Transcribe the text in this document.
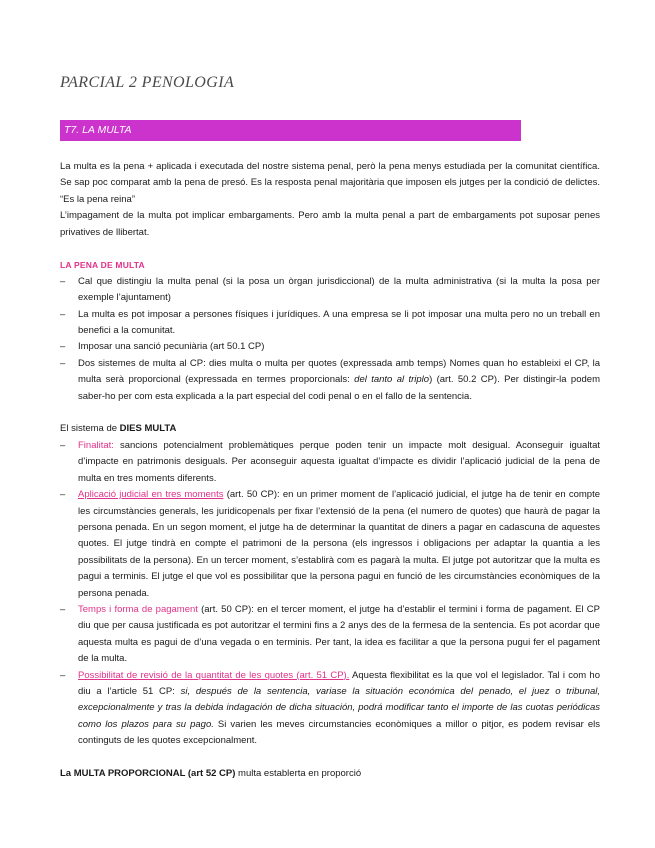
PARCIAL 2 PENOLOGIA
T7. LA MULTA

La multa es la pena + aplicada i executada del nostre sistema penal, però la pena menys estudiada per la comunitat científica. Se sap poc comparat amb la pena de presó. Es la resposta penal majoritària que imposen els jutges per la condició de delictes. “Es la pena reina”

L’impagament de la multa pot implicar embargaments. Pero amb la multa penal a part de embargaments pot suposar penes privatives de llibertat.

LA PENA DE MULTA

– Cal que distingiu la multa penal (si la posa un òrgan jurisdiccional) de la multa administrativa (si la multa la posa per exemple l’ajuntament)
– La multa es pot imposar a persones físiques i jurídiques. A una empresa se li pot imposar una multa pero no un treball en benefici a la comunitat.
– Imposar una sanció pecuniària (art 50.1 CP)
– Dos sistemes de multa al CP: dies multa o multa per quotes (expressada amb temps) Nomes quan ho estableixi el CP, la multa serà proporcional (expressada en termes proporcionals: del tanto al triplo) (art. 50.2 CP). Per distingir-la podem saber-ho per com esta explicada a la part especial del codi penal o en el fallo de la sentencia.

El sistema de DIES MULTA

– Finalitat: sancions potencialment problemàtiques perque poden tenir un impacte molt desigual. Aconseguir igualtat d’impacte en patrimonis desiguals. Per aconseguir aquesta igualtat d’impacte es dividir l’aplicació judicial de la pena de multa en tres moments diferents.
– Aplicació judicial en tres moments (art. 50 CP): en un primer moment de l’aplicació judicial, el jutge ha de tenir en compte les circumstàncies generals, les juridicopenals per fixar l’extensió de la pena (el numero de quotes) que haurà de pagar la persona penada. En un segon moment, el jutge ha de determinar la quantitat de diners a pagar en cadascuna de aquestes quotes. El jutge tindrà en compte el patrimoni de la persona (els ingressos i obligacions per adaptar la quantia a les possibilitats de la persona). En un tercer moment, s’establirà com es pagarà la multa. El jutge pot autoritzar que la multa es pagui a terminis. El jutge el que vol es possibilitar que la persona pagui en funció de les circumstàncies econòmiques de la persona penada.
– Temps i forma de pagament (art. 50 CP): en el tercer moment, el jutge ha d’establir el termini i forma de pagament. El CP diu que per causa justificada es pot autoritzar el termini fins a 2 anys des de la fermesa de la sentencia. Es pot acordar que aquesta multa es pagui de d’una vegada o en terminis. Per tant, la idea es facilitar a que la persona pugui fer el pagament de la multa.
– Possibilitat de revisió de la quantitat de les quotes (art. 51 CP). Aquesta flexibilitat es la que vol el legislador. Tal i com ho diu a l’article 51 CP: si, después de la sentencia, variase la situación económica del penado, el juez o tribunal, excepcionalmente y tras la debida indagación de dicha situación, podrá modificar tanto el importe de las cuotas periódicas como los plazos para su pago. Si varien les meves circumstancies econòmiques a millor o pitjor, es podem revisar els continguts de les quotes excepcionalment.

La MULTA PROPORCIONAL (art 52 CP) multa establerta en proporció
